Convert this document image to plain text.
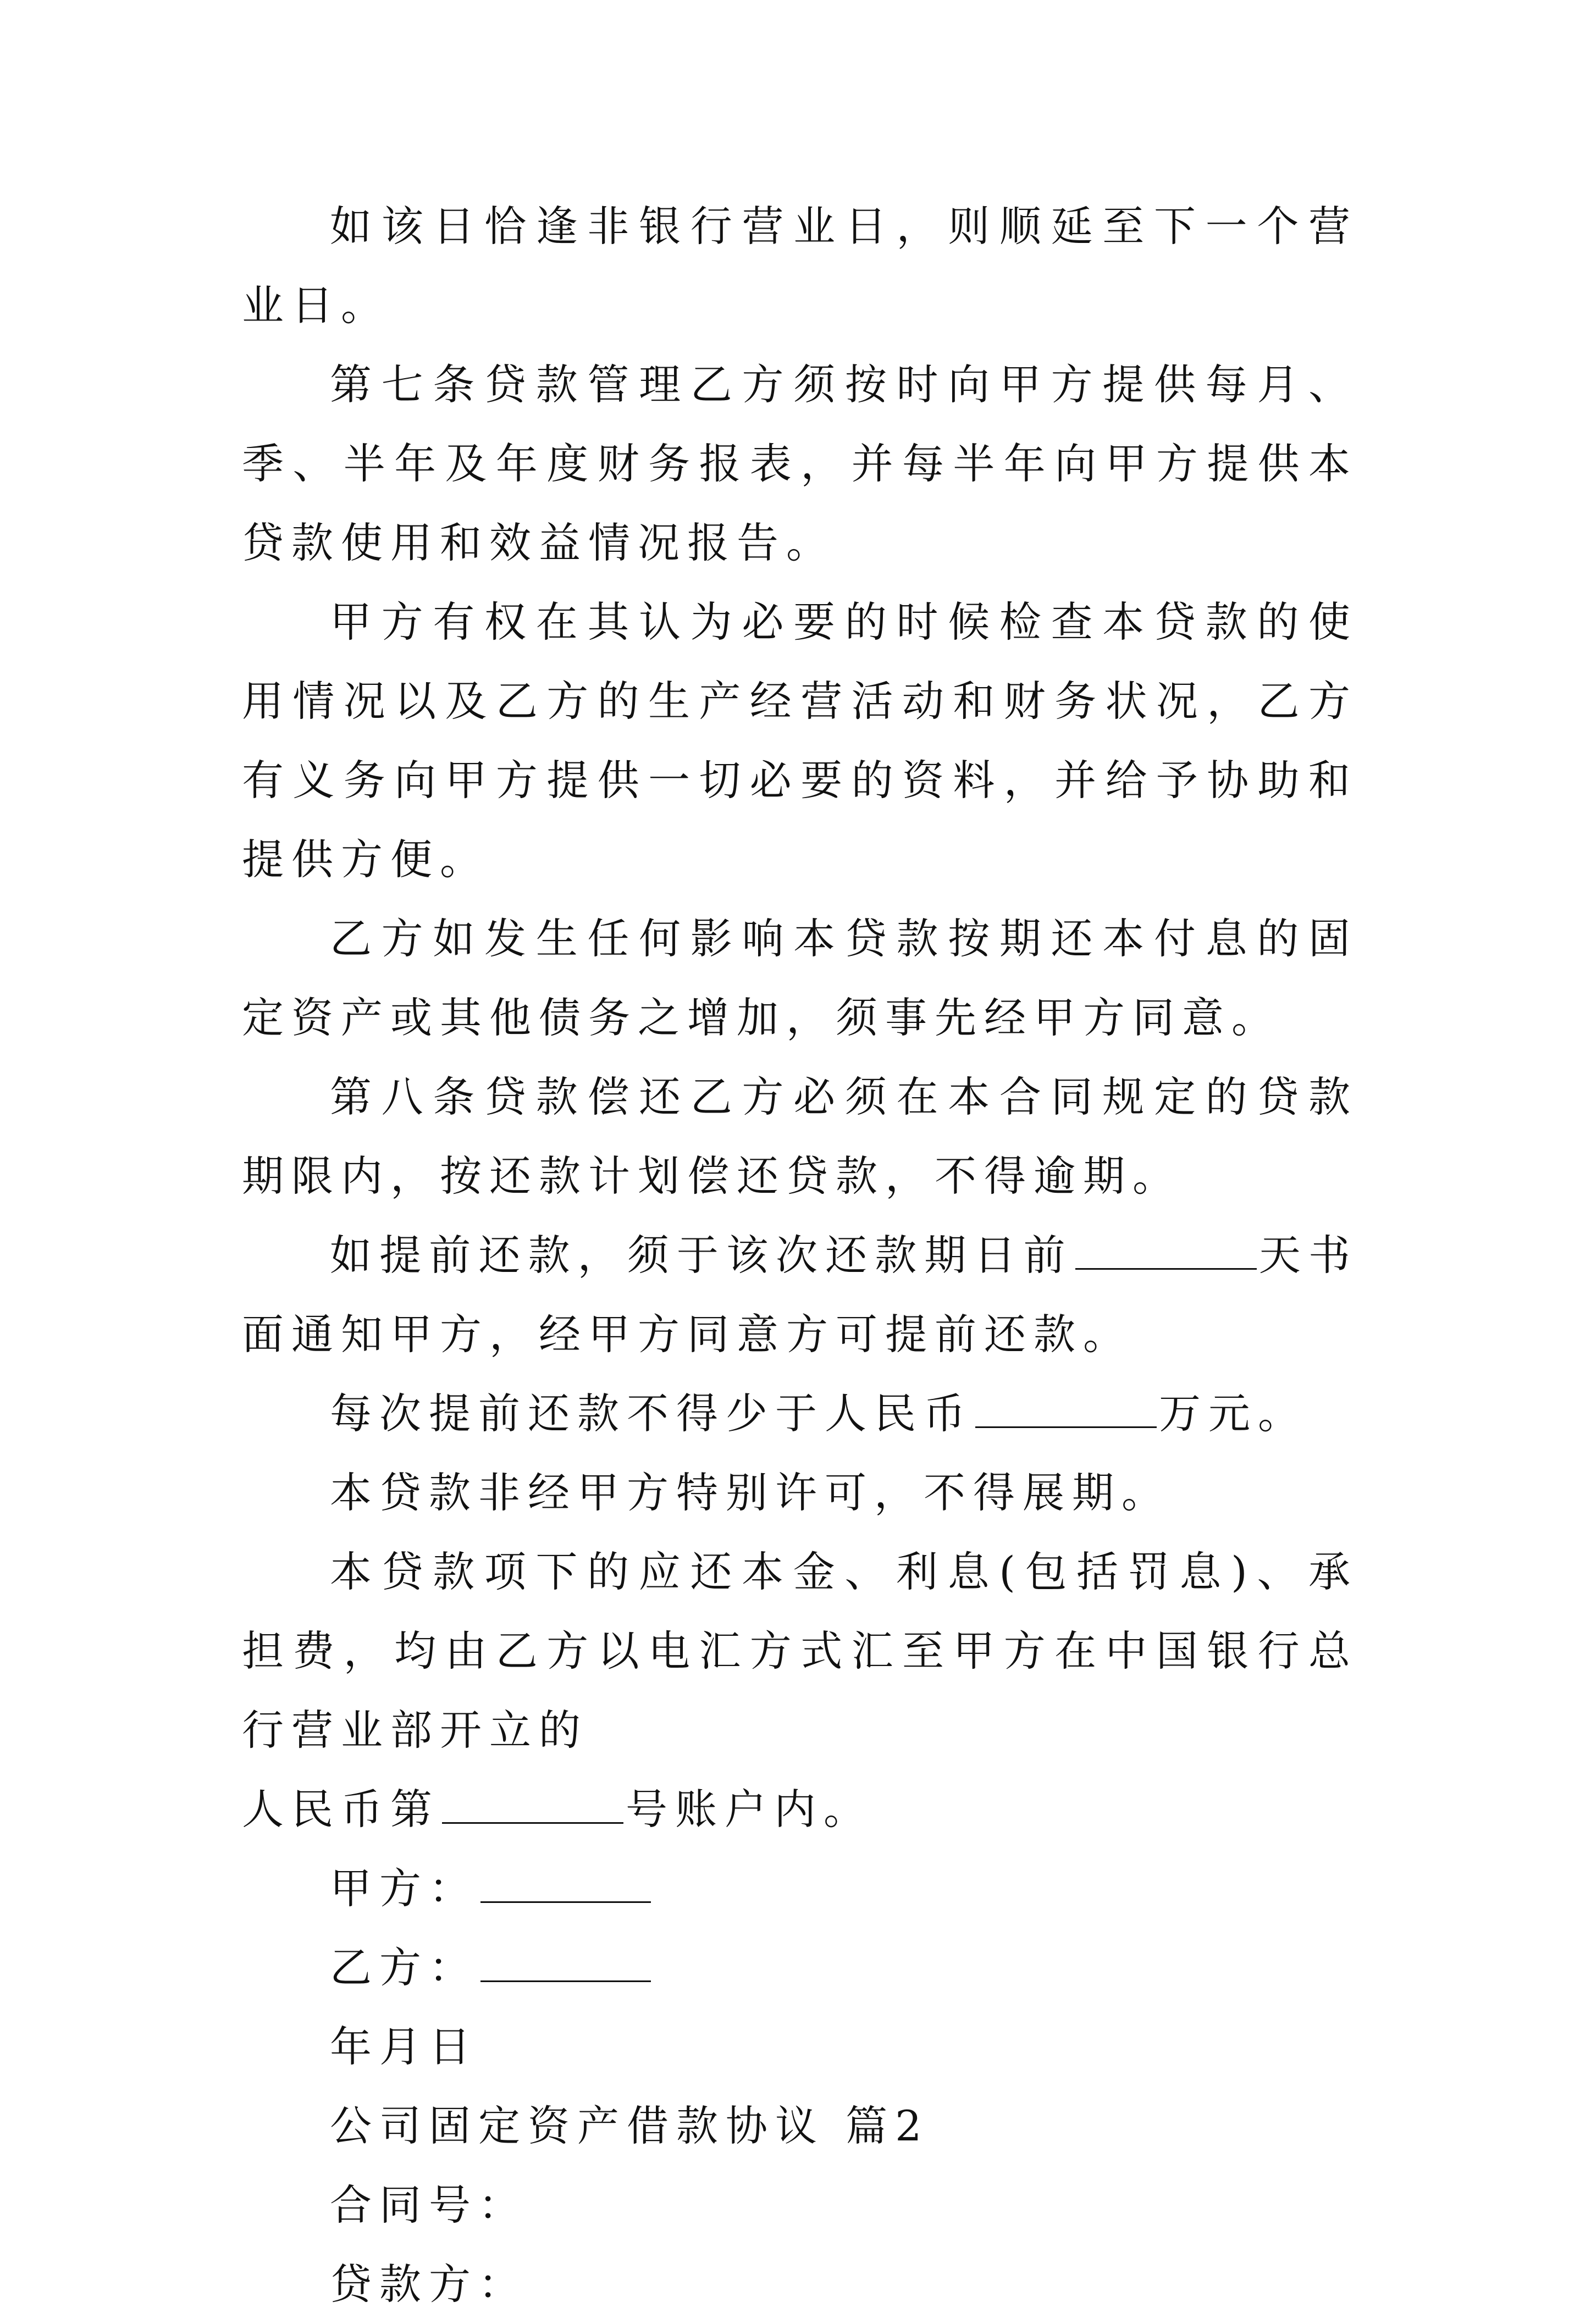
如该日恰逢非银行营业日，则顺延至下一个营业日。

第七条贷款管理乙方须按时向甲方提供每月、季、半年及年度财务报表，并每半年向甲方提供本贷款使用和效益情况报告。

甲方有权在其认为必要的时候检查本贷款的使用情况以及乙方的生产经营活动和财务状况，乙方有义务向甲方提供一切必要的资料，并给予协助和提供方便。

乙方如发生任何影响本贷款按期还本付息的固定资产或其他债务之增加，须事先经甲方同意。

第八条贷款偿还乙方必须在本合同规定的贷款期限内，按还款计划偿还贷款，不得逾期。

如提前还款，须于该次还款期日前	天书面通知甲方，经甲方同意方可提前还款。

每次提前还款不得少于人民币	万元。

本贷款非经甲方特别许可，不得展期。

本贷款项下的应还本金、利息(包括罚息)、承担费，均由乙方以电汇方式汇至甲方在中国银行总行营业部开立的

人民币第	号账户内。

甲方：

乙方：

年月日

公司固定资产借款协议 篇2

合同号：

贷款方：
